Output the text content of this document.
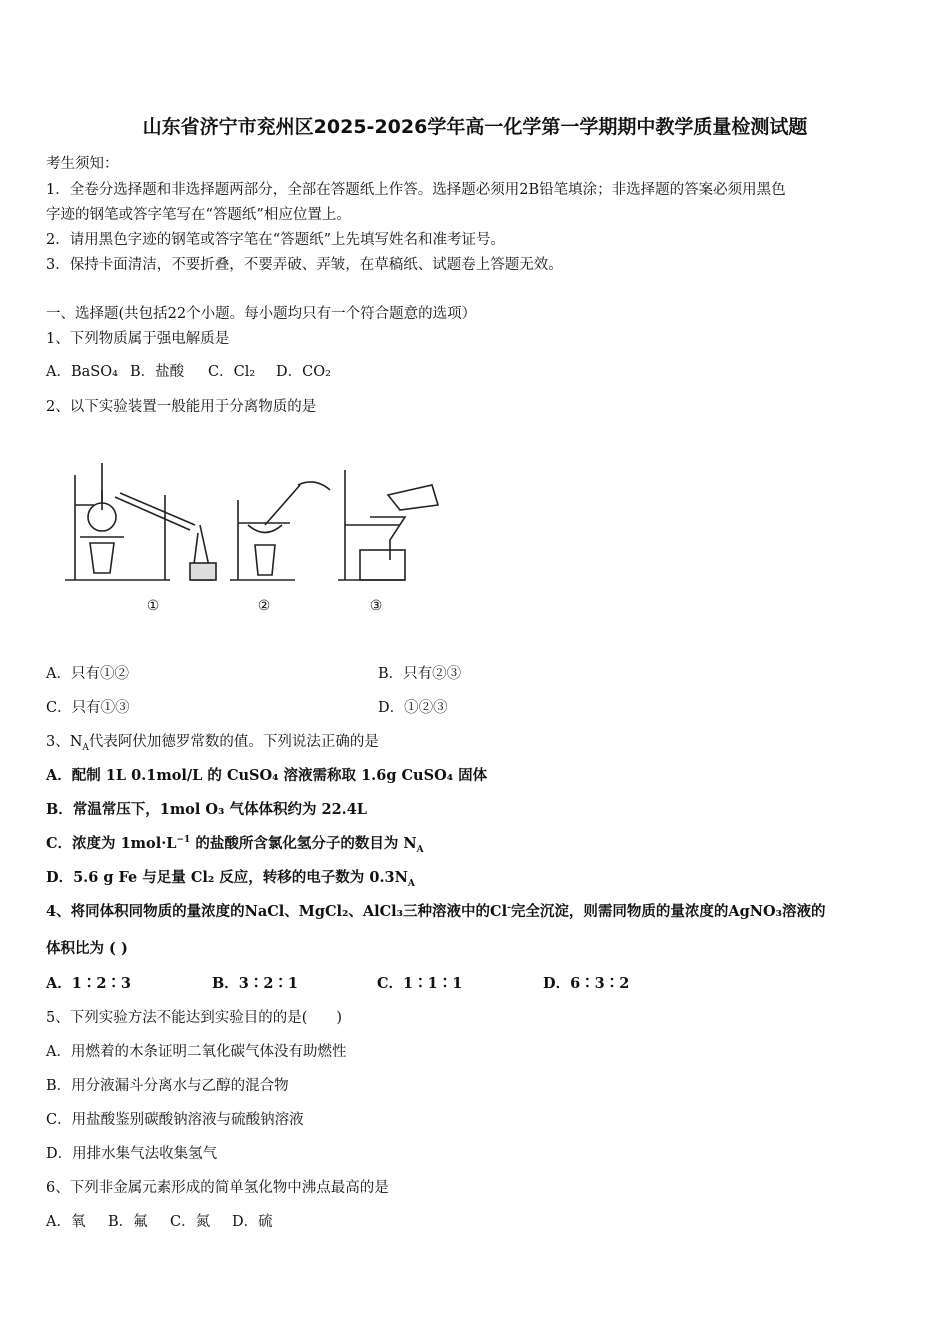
山东省济宁市兖州区2025-2026学年高一化学第一学期期中教学质量检测试题
考生须知：
1．全卷分选择题和非选择题两部分，全部在答题纸上作答。选择题必须用2B铅笔填涂；非选择题的答案必须用黑色
字迹的钢笔或答字笔写在“答题纸”相应位置上。
2．请用黑色字迹的钢笔或答字笔在“答题纸”上先填写姓名和准考证号。
3．保持卡面清洁，不要折叠，不要弄破、弄皱，在草稿纸、试题卷上答题无效。
一、选择题(共包括22个小题。每小题均只有一个符合题意的选项）
1、下列物质属于强电解质是
A．BaSO₄ B．盐酸 C．Cl₂ D．CO₂
2、以下实验装置一般能用于分离物质的是
①	②	③
A．只有①②	B．只有②③
C．只有①③	D．①②③
3、$N_A$代表阿伏加德罗常数的值。下列说法正确的是
A．配制 1L 0.1mol/L 的 CuSO₄ 溶液需称取 1.6g CuSO₄ 固体
B．常温常压下，1mol O₃ 气体体积约为 22.4L
C．浓度为 $1mol\cdot L^{-1}$ 的盐酸所含氯化氢分子的数目为 $N_A$
D．5.6 g Fe 与足量 Cl₂ 反应，转移的电子数为 $0.3N_A$
4、将同体积同物质的量浓度的NaCl、MgCl₂、AlCl₃三种溶液中的Cl-完全沉淀，则需同物质的量浓度的AgNO₃溶液的
体积比为 ( )
A．1∶2∶3	B．3∶2∶1	C．1∶1∶1	D．6∶3∶2
5、下列实验方法不能达到实验目的的是(　　)
A．用燃着的木条证明二氧化碳气体没有助燃性
B．用分液漏斗分离水与乙醇的混合物
C．用盐酸鉴别碳酸钠溶液与硫酸钠溶液
D．用排水集气法收集氢气
6、下列非金属元素形成的简单氢化物中沸点最高的是
A．氧 B．氟 C．氮 D．硫
